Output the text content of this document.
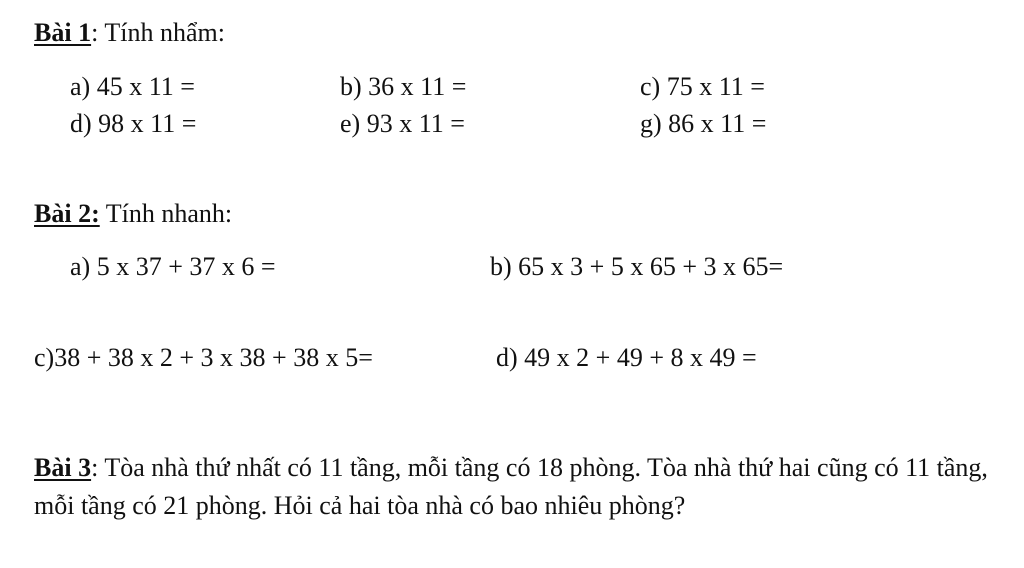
Bài 1: Tính nhẩm:
a) 45 x 11 =	b) 36 x 11 =	c) 75 x 11 =
d) 98 x 11 =	e) 93 x 11 =	g) 86 x 11 =
Bài 2: Tính nhanh:
a) 5 x 37 + 37 x 6 =	b) 65 x 3 + 5 x 65 + 3 x 65=
c)38 + 38 x 2 + 3 x 38 + 38 x 5=	d) 49 x 2 + 49 + 8 x 49 =
Bài 3: Tòa nhà thứ nhất có 11 tầng, mỗi tầng có 18 phòng. Tòa nhà thứ hai cũng có 11 tầng, mỗi tầng có 21 phòng. Hỏi cả hai tòa nhà có bao nhiêu phòng?
